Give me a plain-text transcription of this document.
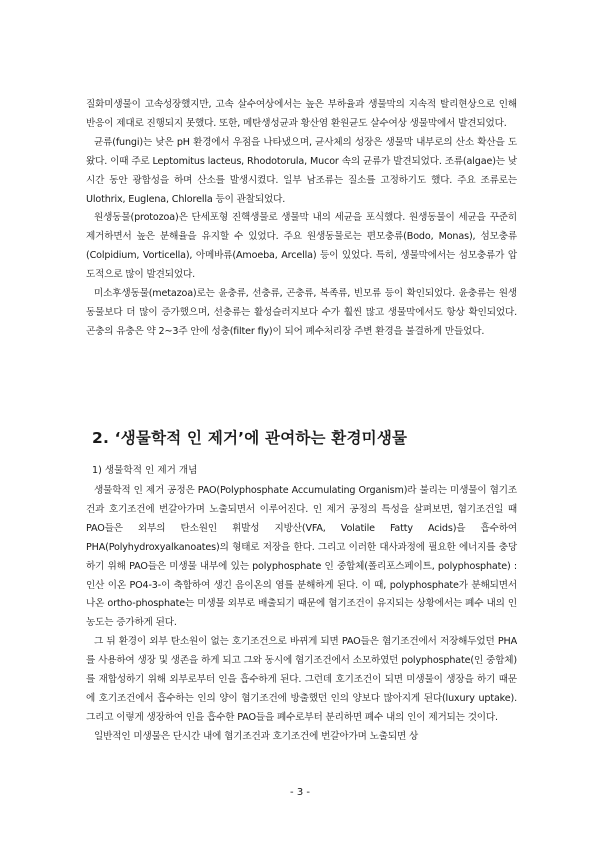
질화미생물이 고속성장했지만, 고속 살수여상에서는 높은 부하율과 생물막의 지속적 탈리현상으로 인해 반응이 제대로 진행되지 못했다. 또한, 메탄생성균과 황산염 환원균도 살수여상 생물막에서 발견되었다.

균류(fungi)는 낮은 pH 환경에서 우점을 나타냈으며, 균사체의 성장은 생물막 내부로의 산소 확산을 도왔다. 이때 주로 Leptomitus lacteus, Rhodotorula, Mucor 속의 균류가 발견되었다. 조류(algae)는 낮 시간 동안 광합성을 하며 산소를 발생시켰다. 일부 남조류는 질소를 고정하기도 했다. 주요 조류로는 Ulothrix, Euglena, Chlorella 등이 관찰되었다.

원생동물(protozoa)은 단세포형 진핵생물로 생물막 내의 세균을 포식했다. 원생동물이 세균을 꾸준히 제거하면서 높은 분해율을 유지할 수 있었다. 주요 원생동물로는 편모충류(Bodo, Monas), 섬모충류(Colpidium, Vorticella), 아메바류(Amoeba, Arcella) 등이 있었다. 특히, 생물막에서는 섬모충류가 압도적으로 많이 발견되었다.

미소후생동물(metazoa)로는 윤충류, 선충류, 곤충류, 복족류, 빈모류 등이 확인되었다. 윤충류는 원생동물보다 더 많이 증가했으며, 선충류는 활성슬러지보다 수가 훨씬 많고 생물막에서도 항상 확인되었다. 곤충의 유충은 약 2~3주 안에 성충(filter fly)이 되어 폐수처리장 주변 환경을 불결하게 만들었다.

2. ‘생물학적 인 제거’에 관여하는 환경미생물

1) 생물학적 인 제거 개념

생물학적 인 제거 공정은 PAO(Polyphosphate Accumulating Organism)라 불리는 미생물이 혐기조건과 호기조건에 번갈아가며 노출되면서 이루어진다. 인 제거 공정의 특성을 살펴보면, 혐기조건일 때 PAO들은 외부의 탄소원인 휘발성 지방산(VFA, Volatile Fatty Acids)을 흡수하여 PHA(Polyhydroxyalkanoates)의 형태로 저장을 한다. 그리고 이러한 대사과정에 필요한 에너지를 충당하기 위해 PAO들은 미생물 내부에 있는 polyphosphate 인 중합체(폴리포스페이트, polyphosphate) : 인산 이온 PO4-3-이 축합하여 생긴 음이온의 염를 분해하게 된다. 이 때, polyphosphate가 분해되면서 나온 ortho-phosphate는 미생물 외부로 배출되기 때문에 혐기조건이 유지되는 상황에서는 폐수 내의 인 농도는 증가하게 된다.

그 뒤 환경이 외부 탄소원이 없는 호기조건으로 바뀌게 되면 PAO들은 혐기조건에서 저장해두었던 PHA를 사용하여 생장 및 생존을 하게 되고 그와 동시에 혐기조건에서 소모하였던 polyphosphate(인 중합체)를 재합성하기 위해 외부로부터 인을 흡수하게 된다. 그런데 호기조건이 되면 미생물이 생장을 하기 때문에 호기조건에서 흡수하는 인의 양이 혐기조건에 방출했던 인의 양보다 많아지게 된다(luxury uptake). 그리고 이렇게 생장하여 인을 흡수한 PAO들을 폐수로부터 분리하면 폐수 내의 인이 제거되는 것이다.

일반적인 미생물은 단시간 내에 혐기조건과 호기조건에 번갈아가며 노출되면 상

- 3 -
